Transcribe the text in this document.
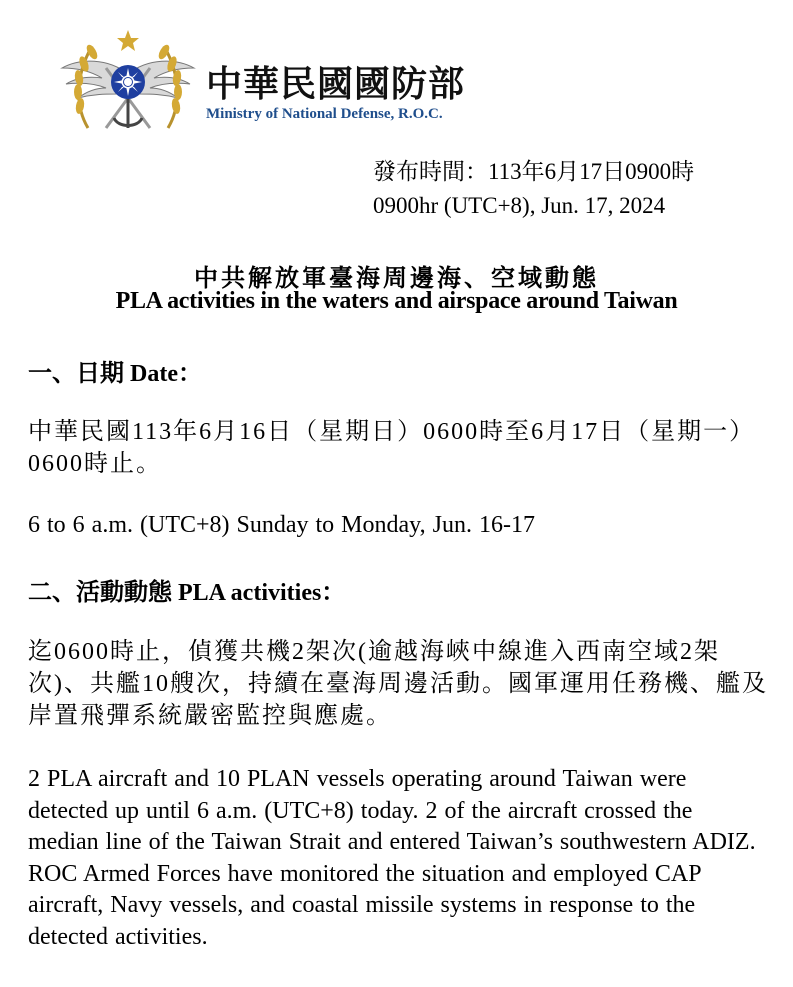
中華民國國防部
Ministry of National Defense, R.O.C.
發布時間：113年6月17日0900時
0900hr (UTC+8), Jun. 17, 2024
中共解放軍臺海周邊海、空域動態
PLA activities in the waters and airspace around Taiwan
一、日期 Date：
中華民國113年6月16日（星期日）0600時至6月17日（星期一）0600時止。
6 to 6 a.m. (UTC+8) Sunday to Monday, Jun. 16-17
二、活動動態 PLA activities：
迄0600時止，偵獲共機2架次(逾越海峽中線進入西南空域2架次)、共艦10艘次，持續在臺海周邊活動。國軍運用任務機、艦及岸置飛彈系統嚴密監控與應處。
2 PLA aircraft and 10 PLAN vessels operating around Taiwan were detected up until 6 a.m. (UTC+8) today. 2 of the aircraft crossed the median line of the Taiwan Strait and entered Taiwan’s southwestern ADIZ. ROC Armed Forces have monitored the situation and employed CAP aircraft, Navy vessels, and coastal missile systems in response to the detected activities.
